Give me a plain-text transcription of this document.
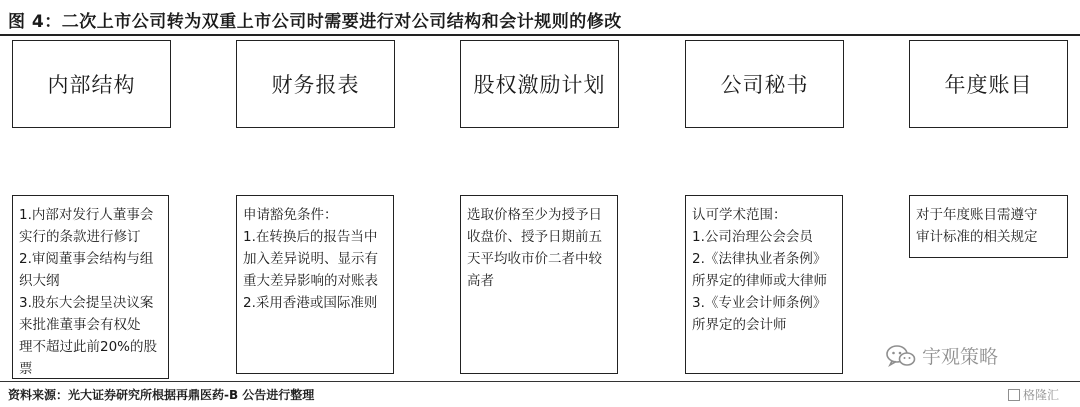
图 4：二次上市公司转为双重上市公司时需要进行对公司结构和会计规则的修改
内部结构
1.内部对发行人董事会
实行的条款进行修订
2.审阅董事会结构与组
织大纲
3.股东大会提呈决议案
来批准董事会有权处
理不超过此前20%的股
票
财务报表
申请豁免条件：
1.在转换后的报告当中
加入差异说明、显示有
重大差异影响的对账表
2.采用香港或国际准则
股权激励计划
选取价格至少为授予日
收盘价、授予日期前五
天平均收市价二者中较
高者
公司秘书
认可学术范围：
1.公司治理公会会员
2.《法律执业者条例》
所界定的律师或大律师
3.《专业会计师条例》
所界定的会计师
年度账目
对于年度账目需遵守
审计标准的相关规定
宇观策略
资料来源：光大证券研究所根据再鼎医药-B 公告进行整理	格隆汇
